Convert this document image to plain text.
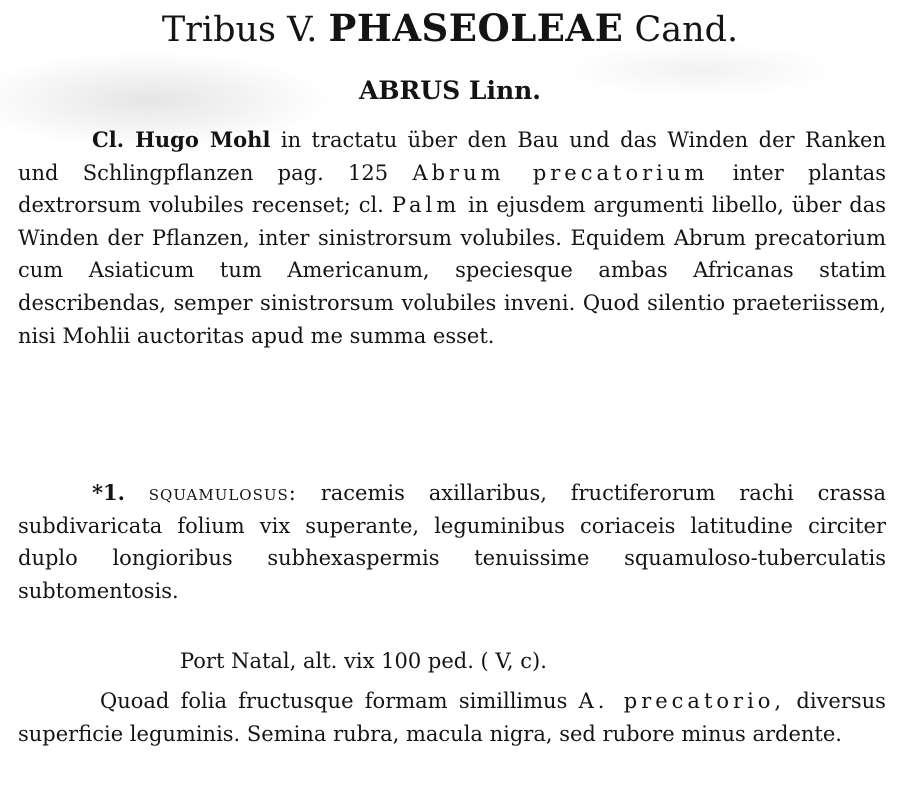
Tribus V. PHASEOLEAE Cand.
ABRUS Linn.
Cl. Hugo Mohl in tractatu über den Bau und das Winden der Ranken und Schlingpflanzen pag. 125 Abrum precatorium inter plantas dextrorsum volubiles recenset; cl. Palm in ejusdem argumenti libello, über das Winden der Pflanzen, inter sinistrorsum volubiles. Equidem Abrum precatorium cum Asiaticum tum Americanum, speciesque ambas Africanas statim describendas, semper sinistrorsum volubiles inveni. Quod silentio praeteriissem, nisi Mohlii auctoritas apud me summa esset.
*1. squamulosus: racemis axillaribus, fructiferorum rachi crassa subdivaricata folium vix superante, leguminibus coriaceis latitudine circiter duplo longioribus subhexaspermis tenuissime squamuloso-tuberculatis subtomentosis.
Port Natal, alt. vix 100 ped. ( V, c).
Quoad folia fructusque formam simillimus A. precatorio, diversus superficie leguminis. Semina rubra, macula nigra, sed rubore minus ardente.
